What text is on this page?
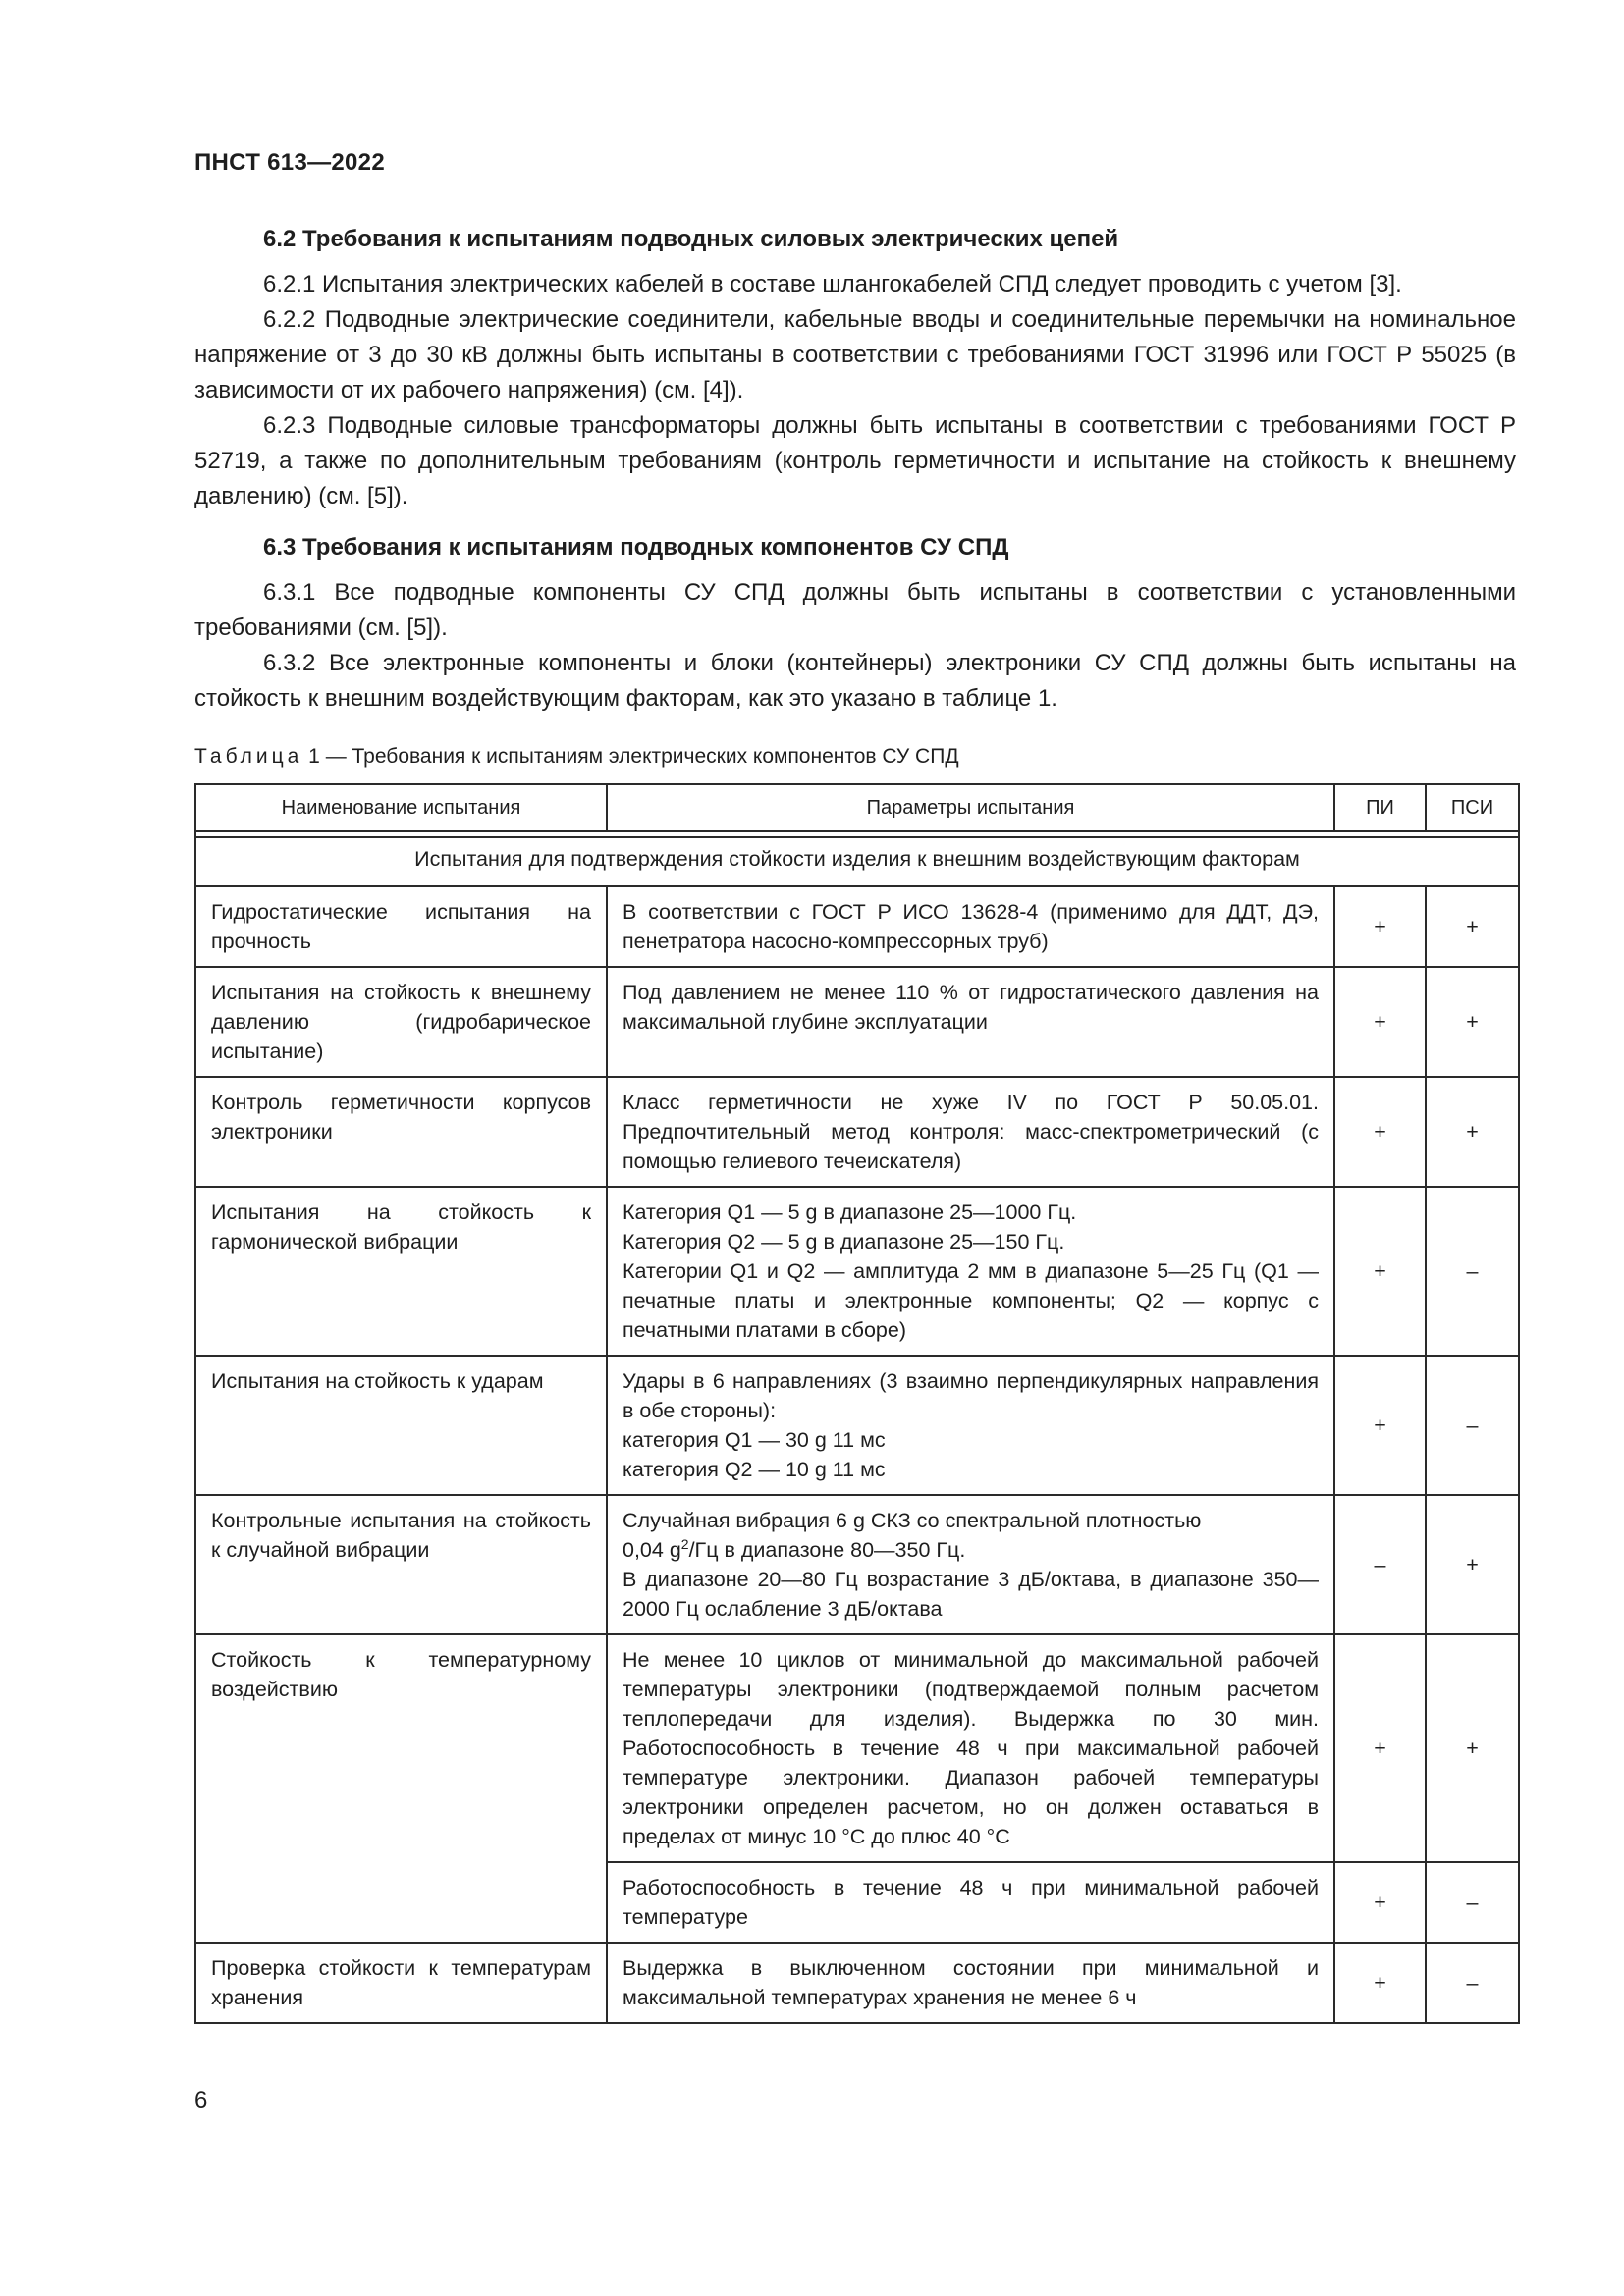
ПНСТ 613—2022

6.2 Требования к испытаниям подводных силовых электрических цепей

6.2.1 Испытания электрических кабелей в составе шлангокабелей СПД следует проводить с учетом [3].

6.2.2 Подводные электрические соединители, кабельные вводы и соединительные перемычки на номинальное напряжение от 3 до 30 кВ должны быть испытаны в соответствии с требованиями ГОСТ 31996 или ГОСТ Р 55025 (в зависимости от их рабочего напряжения) (см. [4]).

6.2.3 Подводные силовые трансформаторы должны быть испытаны в соответствии с требованиями ГОСТ Р 52719, а также по дополнительным требованиям (контроль герметичности и испытание на стойкость к внешнему давлению) (см. [5]).

6.3 Требования к испытаниям подводных компонентов СУ СПД

6.3.1 Все подводные компоненты СУ СПД должны быть испытаны в соответствии с установленными требованиями (см. [5]).

6.3.2 Все электронные компоненты и блоки (контейнеры) электроники СУ СПД должны быть испытаны на стойкость к внешним воздействующим факторам, как это указано в таблице 1.

Таблица 1 — Требования к испытаниям электрических компонентов СУ СПД
Наименование испытания	Параметры испытания	ПИ	ПСИ

Испытания для подтверждения стойкости изделия к внешним воздействующим факторам			
Гидростатические испытания на прочность	В соответствии с ГОСТ Р ИСО 13628-4 (применимо для ДДТ, ДЭ, пенетратора насосно-компрессорных труб)	+	+
Испытания на стойкость к внешнему давлению (гидробарическое испытание)	Под давлением не менее 110 % от гидростатического давления на максимальной глубине эксплуатации	+	+
Контроль герметичности корпусов электроники	Класс герметичности не хуже IV по ГОСТ Р 50.05.01. Предпочтительный метод контроля: масс-спектрометрический (с помощью гелиевого течеискателя)	+	+
Испытания на стойкость к гармонической вибрации	Категория Q1 — 5 g в диапазоне 25—1000 Гц.
Категория Q2 — 5 g в диапазоне 25—150 Гц.
Категории Q1 и Q2 — амплитуда 2 мм в диапазоне 5—25 Гц (Q1 — печатные платы и электронные компоненты; Q2 — корпус с печатными платами в сборе)	+	–
Испытания на стойкость к ударам	Удары в 6 направлениях (3 взаимно перпендикулярных направления в обе стороны):
категория Q1 — 30 g 11 мс
категория Q2 — 10 g 11 мс	+	–
Контрольные испытания на стойкость к случайной вибрации	Случайная вибрация 6 g СКЗ со спектральной плотностью
0,04 $g^2/Гц$ в диапазоне 80—350 Гц.
В диапазоне 20—80 Гц возрастание 3 дБ/октава, в диапазоне 350—2000 Гц ослабление 3 дБ/октава	–	+
Стойкость к температурному воздействию	Не менее 10 циклов от минимальной до максимальной рабочей температуры электроники (подтверждаемой полным расчетом теплопередачи для изделия). Выдержка по 30 мин. Работоспособность в течение 48 ч при максимальной рабочей температуре электроники. Диапазон рабочей температуры электроники определен расчетом, но он должен оставаться в пределах от минус 10 °С до плюс 40 °С	+	+
	Работоспособность в течение 48 ч при минимальной рабочей температуре	+	–
Проверка стойкости к температурам хранения	Выдержка в выключенном состоянии при минимальной и максимальной температурах хранения не менее 6 ч	+	–
6
